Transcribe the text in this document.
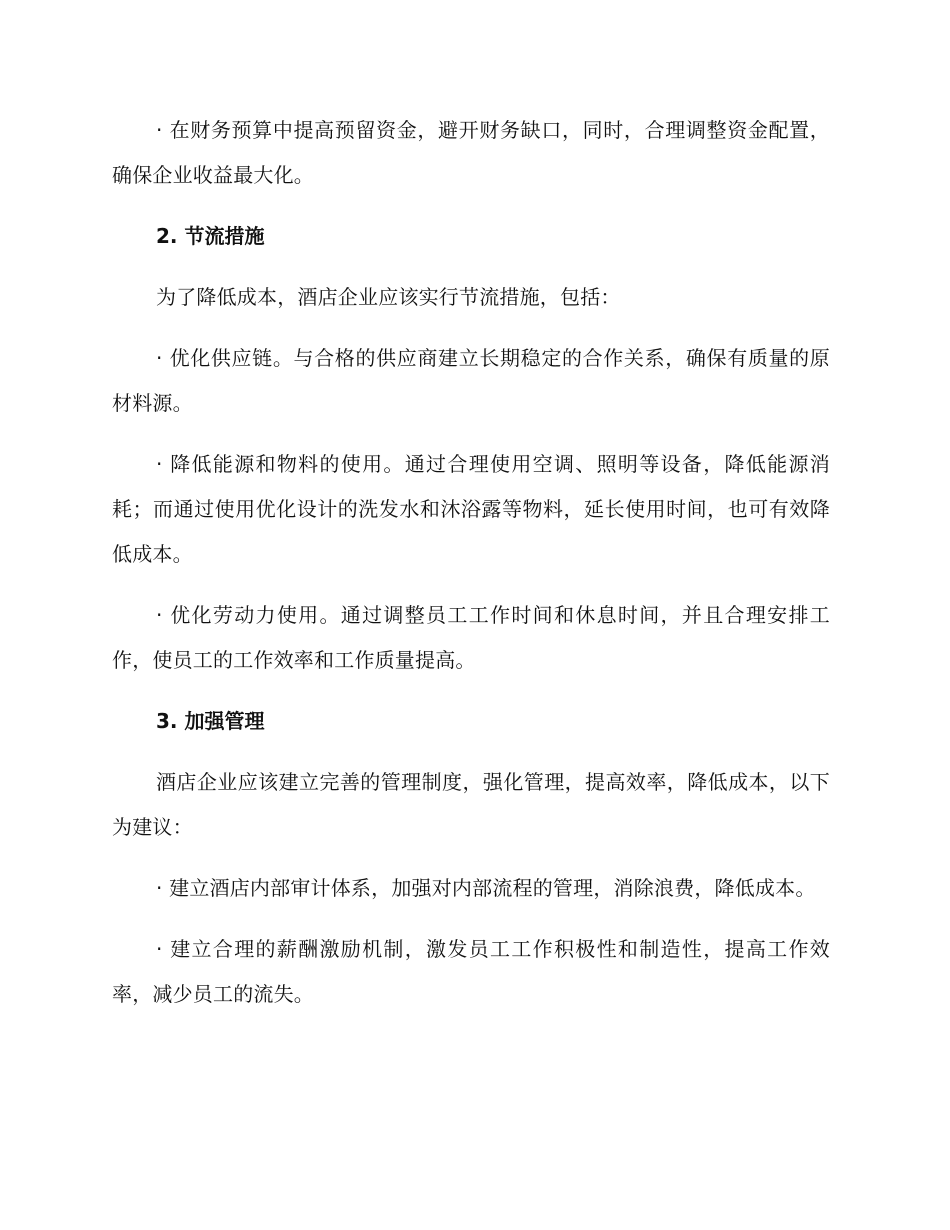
· 在财务预算中提高预留资金，避开财务缺口，同时，合理调整资金配置，确保企业收益最大化。

2. 节流措施

为了降低成本，酒店企业应该实行节流措施，包括：

· 优化供应链。与合格的供应商建立长期稳定的合作关系，确保有质量的原材料源。

· 降低能源和物料的使用。通过合理使用空调、照明等设备，降低能源消耗；而通过使用优化设计的洗发水和沐浴露等物料，延长使用时间，也可有效降低成本。

· 优化劳动力使用。通过调整员工工作时间和休息时间，并且合理安排工作，使员工的工作效率和工作质量提高。

3. 加强管理

酒店企业应该建立完善的管理制度，强化管理，提高效率，降低成本，以下为建议：

· 建立酒店内部审计体系，加强对内部流程的管理，消除浪费，降低成本。

· 建立合理的薪酬激励机制，激发员工工作积极性和制造性，提高工作效率，减少员工的流失。
